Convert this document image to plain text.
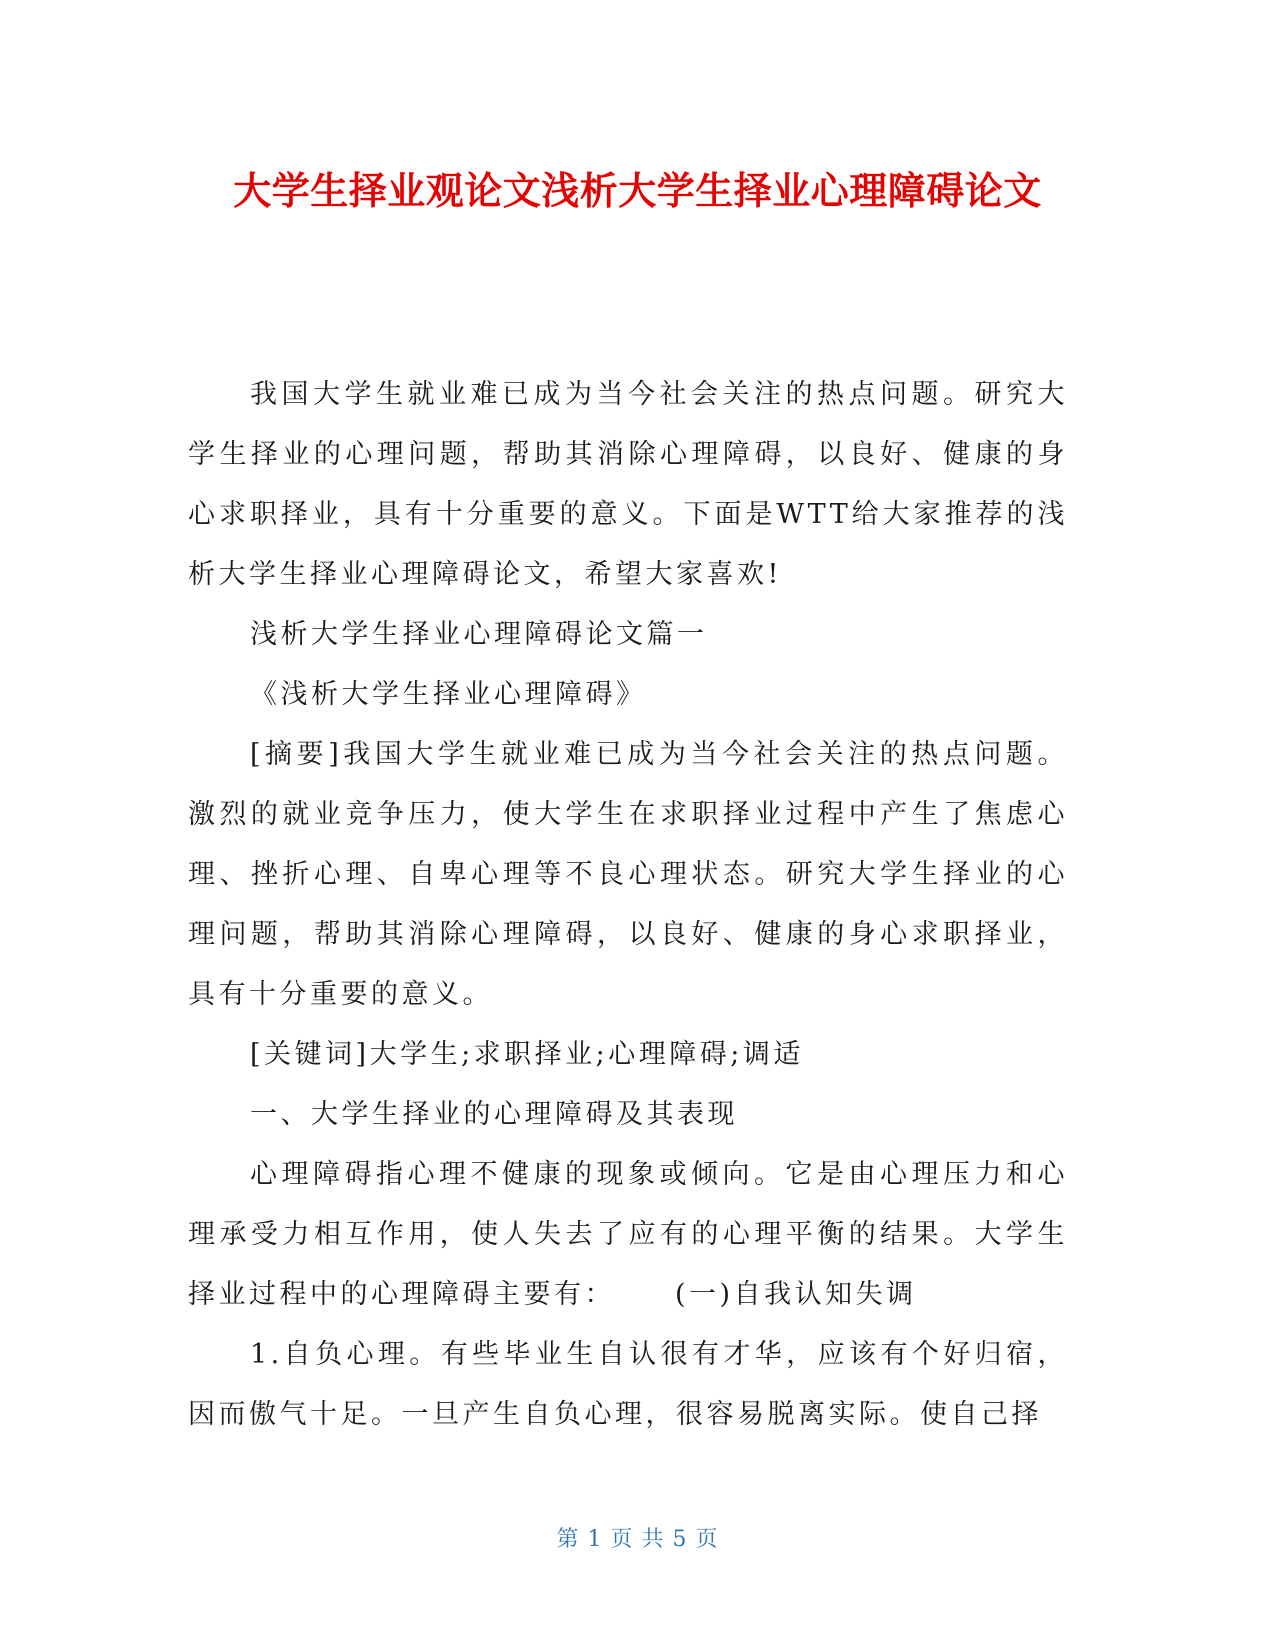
大学生择业观论文浅析大学生择业心理障碍论文

我国大学生就业难已成为当今社会关注的热点问题。研究大学生择业的心理问题，帮助其消除心理障碍，以良好、健康的身心求职择业，具有十分重要的意义。下面是WTT给大家推荐的浅析大学生择业心理障碍论文，希望大家喜欢!

浅析大学生择业心理障碍论文篇一

《浅析大学生择业心理障碍》

[摘要]我国大学生就业难已成为当今社会关注的热点问题。激烈的就业竞争压力，使大学生在求职择业过程中产生了焦虑心理、挫折心理、自卑心理等不良心理状态。研究大学生择业的心理问题，帮助其消除心理障碍，以良好、健康的身心求职择业，具有十分重要的意义。

[关键词]大学生;求职择业;心理障碍;调适

一、大学生择业的心理障碍及其表现

心理障碍指心理不健康的现象或倾向。它是由心理压力和心理承受力相互作用，使人失去了应有的心理平衡的结果。大学生择业过程中的心理障碍主要有： (一)自我认知失调

1.自负心理。有些毕业生自认很有才华，应该有个好归宿，因而傲气十足。一旦产生自负心理，很容易脱离实际。使自己择

第 1 页 共 5 页
